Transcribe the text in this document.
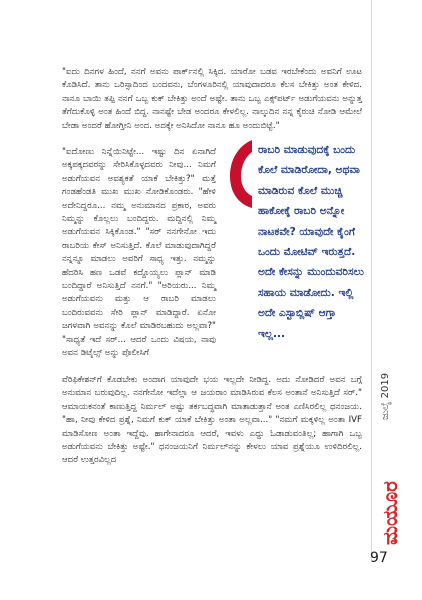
"ಐದು ದಿನಗಳ ಹಿಂದೆ, ನನಗೆ ಅವನು ಪಾರ್ಕ್‌ನಲ್ಲಿ ಸಿಕ್ಕಿದ. ಯಾರೋ ಬಡವ ಇರಬೇಕೆಂದು ಅವನಿಗೆ ಊಟ ಕೊಡಿಸಿದೆ. ತಾನು ಒರಿಸ್ಸಾದಿಂದ ಬಂದವನು, ಬೆಂಗಳೂರಿನಲ್ಲಿ ಯಾವುದಾದರೂ ಕೆಲಸ ಬೇಕಿತ್ತು ಅಂತ ಕೇಳಿದ. ನಾನೂ ಬಾಯಿ ತಪ್ಪಿ ನನಗೆ ಒಬ್ಬ ಕುಕ್ ಬೇಕಿತ್ತು ಅಂದೆ ಅಷ್ಟೇ. ತಾನು ಒಬ್ಬ ಎಕ್ಸ್‌ಪರ್ಟ್ ಅಡುಗೆಯವನು ಅನ್ನುತ್ತ ತೆಗೆದುಕೊಳ್ಳಿ ಅಂತ ಹಿಂದೆ ಬಿದ್ದ. ನಾನಷ್ಟೇ ಬೇಡ ಅಂದರೂ ಕೇಳಲಿಲ್ಲ. ನಾಲ್ಕುದಿನ ನನ್ನ ಕೈರುಚಿ ನೋಡಿ ಆಮೇಲೆ ಬೇಡಾ ಅಂದರೆ ಹೋಗ್ತೀನಿ ಅಂದ. ಅದಕ್ಕೇ ಅನಿಸಿದೋ ನಾನೂ ಹೂ ಅಂದುಬಿಟ್ಟೆ."

"ಐದೋಣು ನಿನ್ನೆಯಿನಿಟ್ಟೇ... ಇಷ್ಟು ದಿನ ಏನಾಗಿದೆ ಅಕ್ಕಪಕ್ಕದವರನ್ನು ಸೇರಿಸಿಕೊಳ್ಳದವರು ನೀವು... ನಿಮಗೆ ಅಡುಗೆಯವನ ಅವಶ್ಯಕತೆ ಯಾಕೆ ಬೇಕಿತ್ತು?" ಮತ್ತೆ ಗಂಡಹೆಂಡತಿ ಮುಖ ಮುಖ ನೋಡಿಕೊಂಡರು. "ಹೇಳಿ ಅದೇನಿದ್ದರೂ... ನಮ್ಮ ಅನುಮಾನದ ಪ್ರಕಾರ, ಅವರು ನಿಮ್ಮನ್ನು ಕೊಲ್ಲಲು ಬಂದಿದ್ದರು. ಮದ್ದಿನಲ್ಲಿ ನಿಮ್ಮ ಅಡುಗೆಯವನ ಸಿಕ್ಕಿಕೊಂಡ." "ಸರ್ ನನಗೇನೋ ಇದು ರಾಬರಿಯ ಕೇಸ್ ಅನಿಸುತ್ತಿದೆ. ಕೊಲೆ ಮಾಡುವುದಾಗಿದ್ದರೆ ನನ್ನನ್ನೂ ಮಾಡಲು ಅವರಿಗೆ ಸಾಧ್ಯ ಇತ್ತು. ನಮ್ಮನ್ನು ಹೆದರಿಸಿ ಹಣ ಒಡವೆ ಕದ್ದೊಯ್ಯಲು ಪ್ಲಾನ್ ಮಾಡಿ ಬಂದಿದ್ದಾರೆ ಅನಿಸುತ್ತಿದೆ ನನಗೆ." "ಅರಿಯರು... ನಿಮ್ಮ ಅಡುಗೆಯವನು ಮತ್ತು ಆ ರಾಬರಿ ಮಾಡಲು ಬಂದಿರುವವನು ಸೇರಿ ಪ್ಲಾನ್ ಮಾಡಿದ್ದಾರೆ. ಏನೋ ಜಗಳವಾಗಿ ಅವನನ್ನು ಕೊಲೆ ಮಾಡಿರಬಹುದು ಅಲ್ಲವಾ?" "ಸಾಧ್ಯತೆ ಇದೆ ಸರ್... ಆದರೆ ಒಂದು ವಿಷಯ, ನಾವು ಅವನ ಡಿಟೈಲ್ಸ್ ಅನ್ನು ಪೊಲೀಸಿಗೆ

ರಾಬರಿ ಮಾಡುವುದಕ್ಕೆ ಬಂದು ಕೊಲೆ ಮಾಡಿರೋದಾ, ಅಥವಾ ಮಾಡಿರುವ ಕೊಲೆ ಮುಚ್ಚಿ ಹಾಕೋಕ್ಕೆ ರಾಬರಿ ಅನ್ನೋ ನಾಟಕವೇ? ಯಾವುದೇ ಕೈಂಗೆ ಒಂದು ಮೋಟಿವ್ ಇರುತ್ತದೆ. ಅದೇ ಕೇಸನ್ನು ಮುಂದುವರಿಸಲು ಸಹಾಯ ಮಾಡೋದು. ಇಲ್ಲಿ ಅದೇ ಎಸ್ಟಾಬ್ಲಿಷ್ ಆಗ್ತಾ ಇಲ್ಲ...

ವೆರಿಫಿಕೇಶನ್‌ಗೆ ಕೊಡಬೇಕು ಅಂದಾಗ ಯಾವುದೇ ಭಯ ಇಲ್ಲದೇ ನೀಡಿದ್ದ. ಅದು ನೋಡಿದರೆ ಅವನ ಬಗ್ಗೆ ಅನುಮಾನ ಬರುವುದಿಲ್ಲ. ನನಗೇನೋ ಇದೆಲ್ಲಾ ಆ ಜಯರಾಂ ಮಾಡಿಸಿರುವ ಕೆಲಸ ಅಂತಾನೆ ಅನಿಸುತ್ತಿದೆ ಸರ್." ಆಮಾಯಕನಂತೆ ಕಾಣುತ್ತಿದ್ದ ನಿರ್ಮಲ್ ಅಷ್ಟು ತರ್ಕಬದ್ಧವಾಗಿ ಮಾತಾಡುತ್ತಾನೆ ಅಂತ ಎಣಿಸಿರಲಿಲ್ಲ ಧನಂಜಯ. "ಹಾ, ನೀವು ಕೇಳಿದ ಪ್ರಶ್ನೆ, ನಿಮಗೆ ಕುಕ್ ಯಾಕೆ ಬೇಕಿತ್ತು ಅಂತಾ ಅಲ್ಲವಾ..." "ನಮಗೆ ಮಕ್ಕಳಿಲ್ಲ ಅಂತಾ IVF ಮಾಡಿಸೋಣ ಅಂತಾ ಇದ್ದೆವು. ಹಾಗೇನಾದರೂ ಆದರೆ, ಇವಳು ಎದ್ದು ಓಡಾಡುವಂತಿಲ್ಲ; ಹಾಗಾಗಿ ಒಬ್ಬ ಅಡುಗೆಯವನು ಬೇಕಿತ್ತು ಅಷ್ಟೇ." ಧನಂಜಯನಿಗೆ ನಿರ್ಮಲ್‌ನನ್ನು ಕೇಳಲು ಯಾವ ಪ್ರಶ್ನೆಯೂ ಉಳಿದಿರಲಿಲ್ಲ. ಆದರೆ ಉತ್ತರವಿಲ್ಲದ

ಜುಲೈ 2019
ಮಯೂರ
97
